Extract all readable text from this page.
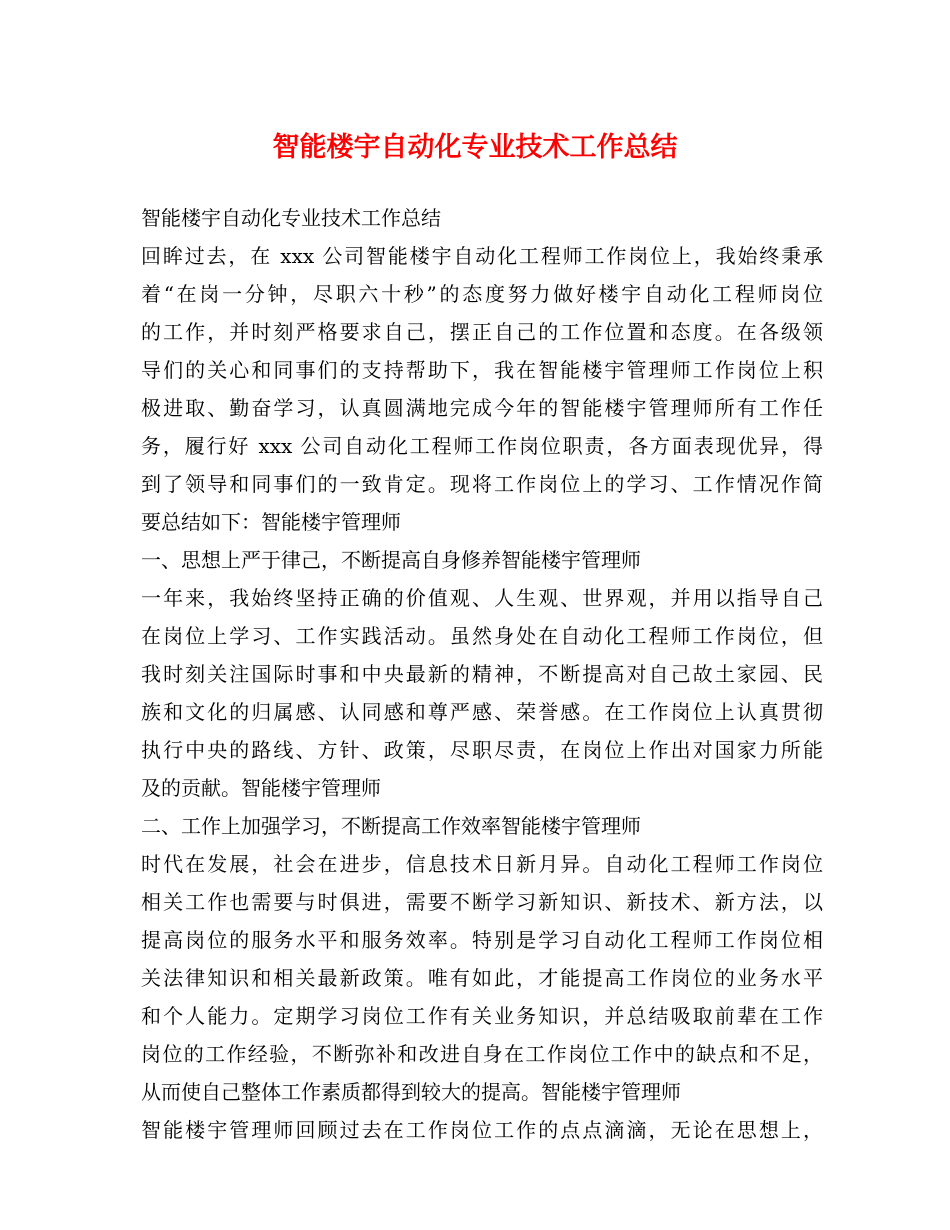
智能楼宇自动化专业技术工作总结
智能楼宇自动化专业技术工作总结
回眸过去，在 xxx 公司智能楼宇自动化工程师工作岗位上，我始终秉承
着“在岗一分钟，尽职六十秒”的态度努力做好楼宇自动化工程师岗位
的工作，并时刻严格要求自己，摆正自己的工作位置和态度。在各级领
导们的关心和同事们的支持帮助下，我在智能楼宇管理师工作岗位上积
极进取、勤奋学习，认真圆满地完成今年的智能楼宇管理师所有工作任
务，履行好 xxx 公司自动化工程师工作岗位职责，各方面表现优异，得
到了领导和同事们的一致肯定。现将工作岗位上的学习、工作情况作简
要总结如下：智能楼宇管理师
一、思想上严于律己，不断提高自身修养智能楼宇管理师
一年来，我始终坚持正确的价值观、人生观、世界观，并用以指导自己
在岗位上学习、工作实践活动。虽然身处在自动化工程师工作岗位，但
我时刻关注国际时事和中央最新的精神，不断提高对自己故土家园、民
族和文化的归属感、认同感和尊严感、荣誉感。在工作岗位上认真贯彻
执行中央的路线、方针、政策，尽职尽责，在岗位上作出对国家力所能
及的贡献。智能楼宇管理师
二、工作上加强学习，不断提高工作效率智能楼宇管理师
时代在发展，社会在进步，信息技术日新月异。自动化工程师工作岗位
相关工作也需要与时俱进，需要不断学习新知识、新技术、新方法，以
提高岗位的服务水平和服务效率。特别是学习自动化工程师工作岗位相
关法律知识和相关最新政策。唯有如此，才能提高工作岗位的业务水平
和个人能力。定期学习岗位工作有关业务知识，并总结吸取前辈在工作
岗位的工作经验，不断弥补和改进自身在工作岗位工作中的缺点和不足，
从而使自己整体工作素质都得到较大的提高。智能楼宇管理师
智能楼宇管理师回顾过去在工作岗位工作的点点滴滴，无论在思想上，
